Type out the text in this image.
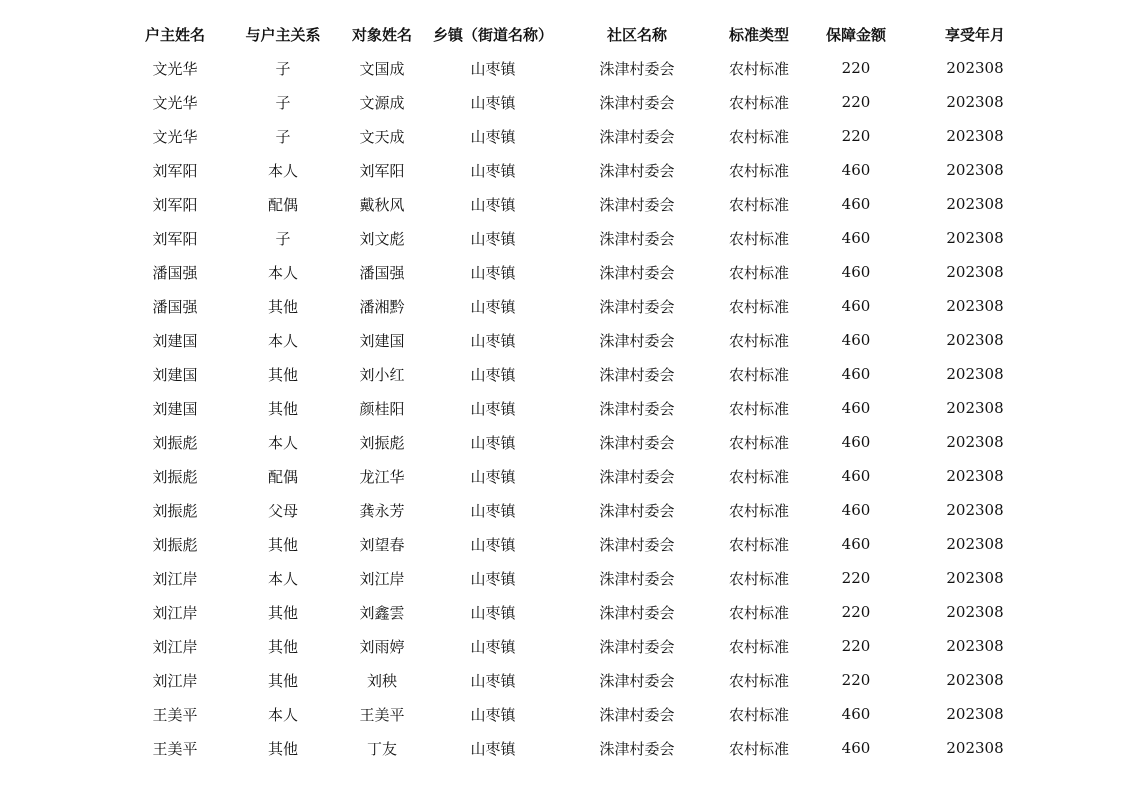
户主姓名	与户主关系	对象姓名	乡镇（街道名称）	社区名称	标准类型	保障金额	享受年月
文光华	子	文国成	山枣镇	洙津村委会	农村标准	220	202308
文光华	子	文源成	山枣镇	洙津村委会	农村标准	220	202308
文光华	子	文天成	山枣镇	洙津村委会	农村标准	220	202308
刘军阳	本人	刘军阳	山枣镇	洙津村委会	农村标准	460	202308
刘军阳	配偶	戴秋风	山枣镇	洙津村委会	农村标准	460	202308
刘军阳	子	刘文彪	山枣镇	洙津村委会	农村标准	460	202308
潘国强	本人	潘国强	山枣镇	洙津村委会	农村标准	460	202308
潘国强	其他	潘湘黔	山枣镇	洙津村委会	农村标准	460	202308
刘建国	本人	刘建国	山枣镇	洙津村委会	农村标准	460	202308
刘建国	其他	刘小红	山枣镇	洙津村委会	农村标准	460	202308
刘建国	其他	颜桂阳	山枣镇	洙津村委会	农村标准	460	202308
刘振彪	本人	刘振彪	山枣镇	洙津村委会	农村标准	460	202308
刘振彪	配偶	龙江华	山枣镇	洙津村委会	农村标准	460	202308
刘振彪	父母	龚永芳	山枣镇	洙津村委会	农村标准	460	202308
刘振彪	其他	刘望春	山枣镇	洙津村委会	农村标准	460	202308
刘江岸	本人	刘江岸	山枣镇	洙津村委会	农村标准	220	202308
刘江岸	其他	刘鑫雲	山枣镇	洙津村委会	农村标准	220	202308
刘江岸	其他	刘雨婷	山枣镇	洙津村委会	农村标准	220	202308
刘江岸	其他	刘秧	山枣镇	洙津村委会	农村标准	220	202308
王美平	本人	王美平	山枣镇	洙津村委会	农村标准	460	202308
王美平	其他	丁友	山枣镇	洙津村委会	农村标准	460	202308
